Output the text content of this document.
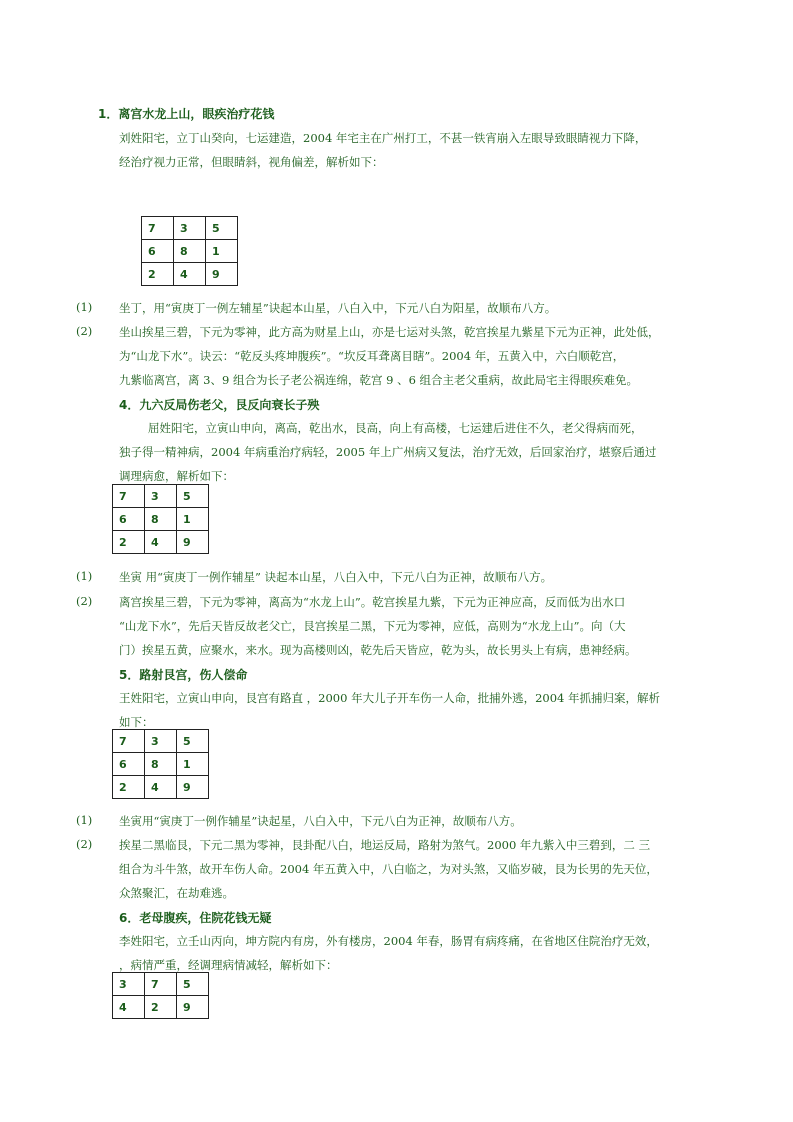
1．离宫水龙上山，眼疾治疗花钱
刘姓阳宅，立丁山癸向，七运建造，2004 年宅主在广州打工，不甚一铁宵崩入左眼导致眼睛视力下降，
经治疗视力正常，但眼睛斜，视角偏差，解析如下：
7	3	5
6	8	1
2	4	9
(1) 坐丁，用“寅庚丁一例左辅星”诀起本山星，八白入中，下元八白为阳星，故顺布八方。
(2) 坐山挨星三碧，下元为零神，此方高为财星上山，亦是七运对头煞，乾宫挨星九紫星下元为正神，此处低，
为“山龙下水”。诀云：“乾反头疼坤腹疾”。“坎反耳聋离目瞎”。2004 年，五黄入中，六白顺乾宫，
九紫临离宫，离 3、9 组合为长子老公祸连绵，乾宫 9 、6 组合主老父重病，故此局宅主得眼疾难免。
4．九六反局伤老父，艮反向衰长子殃
屈姓阳宅，立寅山申向，离高，乾出水，艮高，向上有高楼，七运建后进住不久，老父得病而死，
独子得一精神病，2004 年病重治疗病轻，2005 年上广州病又复法，治疗无效，后回家治疗，堪察后通过
调理病愈，解析如下：
7	3	5
6	8	1
2	4	9
(1) 坐寅 用“寅庚丁一例作辅星” 诀起本山星，八白入中，下元八白为正神，故顺布八方。
(2) 离宫挨星三碧，下元为零神，离高为“水龙上山”。乾宫挨星九紫，下元为正神应高，反而低为出水口
“山龙下水”，先后天皆反故老父亡，艮宫挨星二黑，下元为零神，应低，高则为“水龙上山”。向（大
门）挨星五黄，应聚水，来水。现为高楼则凶，乾先后天皆应，乾为头，故长男头上有病，患神经病。
5．路射艮宫，伤人偿命
王姓阳宅，立寅山申向，艮宫有路直 ，2000 年大儿子开车伤一人命，批捕外逃，2004 年抓捕归案，解析
如下：
7	3	5
6	8	1
2	4	9
(1) 坐寅用“寅庚丁一例作辅星”诀起星，八白入中，下元八白为正神，故顺布八方。
(2) 挨星二黑临艮，下元二黑为零神，艮卦配八白，地运反局，路射为煞气。2000 年九紫入中三碧到，二 三
组合为斗牛煞，故开车伤人命。2004 年五黄入中，八白临之，为对头煞，又临岁破，艮为长男的先天位，
众煞聚汇，在劫难逃。
6．老母腹疾，住院花钱无疑
李姓阳宅，立壬山丙向，坤方院内有房，外有楼房，2004 年春，肠胃有病疼痛，在省地区住院治疗无效，
，病情严重，经调理病情减轻，解析如下：
3	7	5
4	2	9
